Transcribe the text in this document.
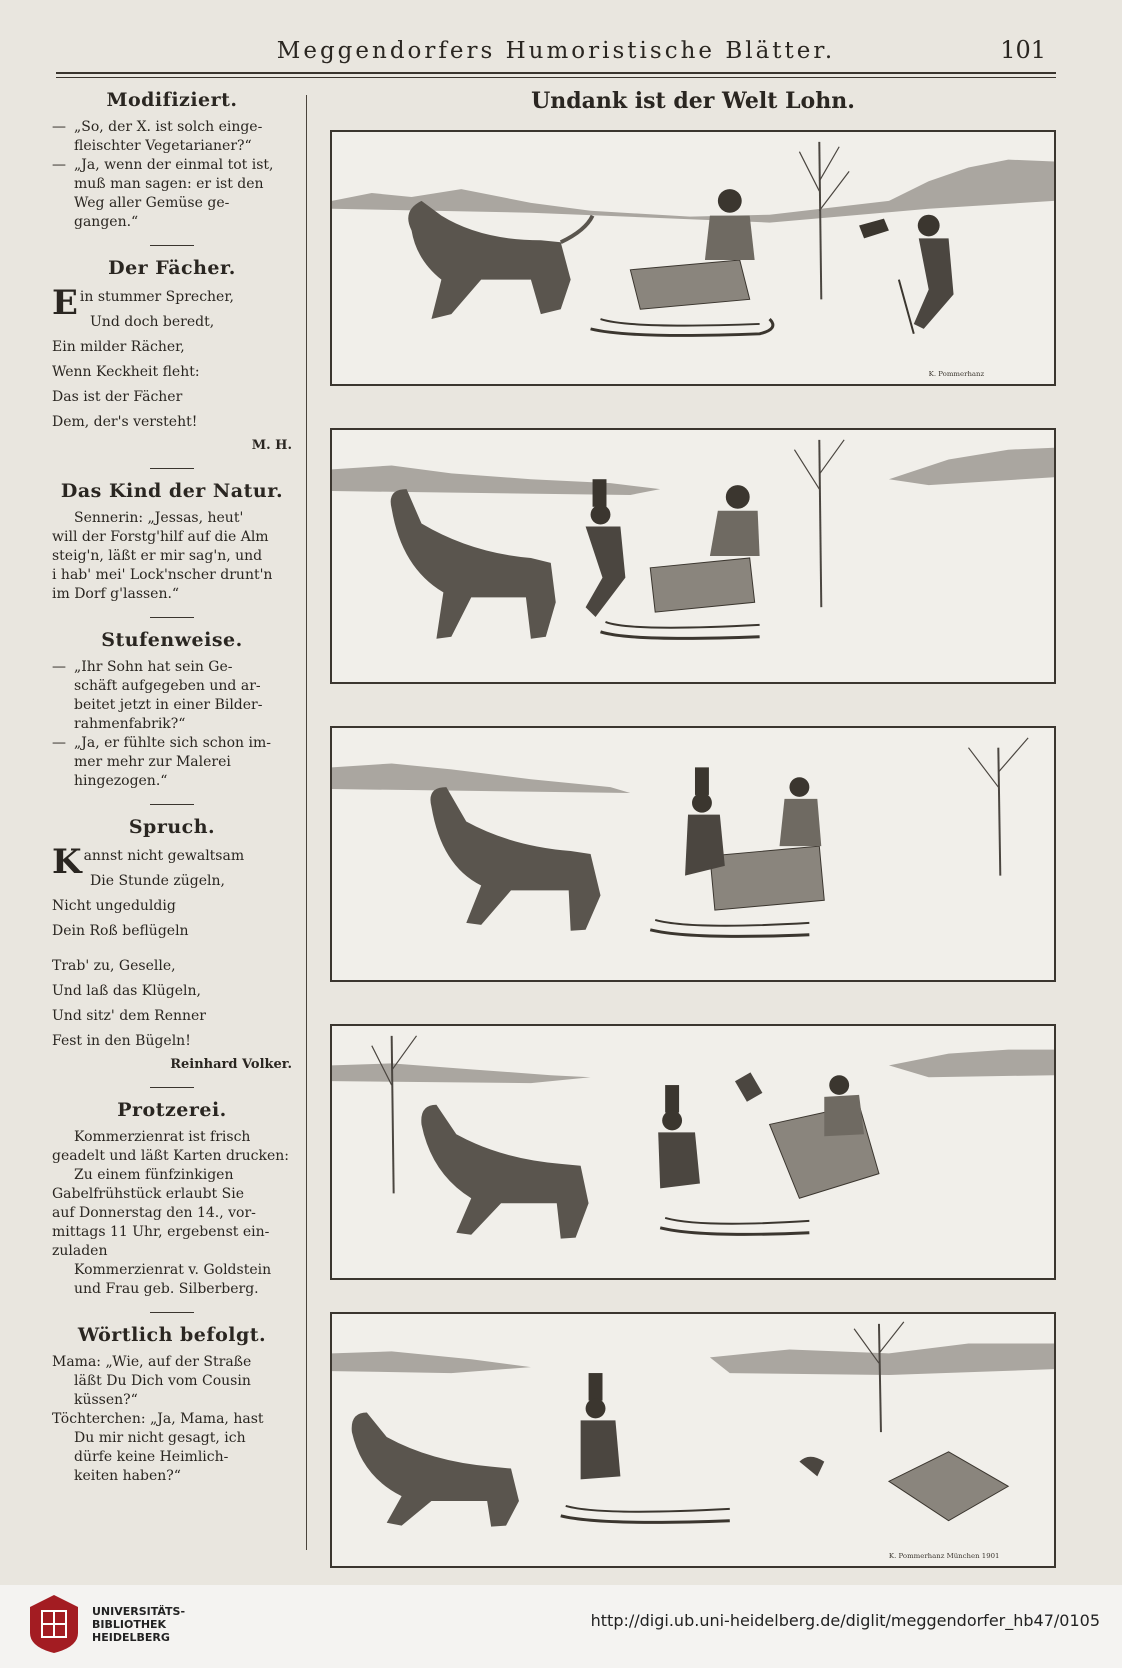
Meggendorfers Humoristische Blätter.	101
Modifiziert.
— „So, der X. ist solch einge-
fleischter Vegetarianer?“
— „Ja, wenn der einmal tot ist,
muß man sagen: er ist den
Weg aller Gemüse ge-
gangen.“
Der Fächer.
Ein stummer Sprecher,
Und doch beredt,
Ein milder Rächer,
Wenn Keckheit fleht:
Das ist der Fächer
Dem, der's versteht!
M. H.
Das Kind der Natur.
Sennerin: „Jessas, heut'
will der Forstg'hilf auf die Alm
steig'n, läßt er mir sag'n, und
i hab' mei' Lock'nscher drunt'n
im Dorf g'lassen.“
Stufenweise.
— „Ihr Sohn hat sein Ge-
schäft aufgegeben und ar-
beitet jetzt in einer Bilder-
rahmenfabrik?“
— „Ja, er fühlte sich schon im-
mer mehr zur Malerei
hingezogen.“
Spruch.
Kannst nicht gewaltsam
Die Stunde zügeln,
Nicht ungeduldig
Dein Roß beflügeln
Trab' zu, Geselle,
Und laß das Klügeln,
Und sitz' dem Renner
Fest in den Bügeln!
Reinhard Volker.
Protzerei.
Kommerzienrat ist frisch
geadelt und läßt Karten drucken:
Zu einem fünfzinkigen
Gabelfrühstück erlaubt Sie
auf Donnerstag den 14., vor-
mittags 11 Uhr, ergebenst ein-
zuladen
Kommerzienrat v. Goldstein
und Frau geb. Silberberg.
Wörtlich befolgt.
Mama: „Wie, auf der Straße
läßt Du Dich vom Cousin
küssen?“
Töchterchen: „Ja, Mama, hast
Du mir nicht gesagt, ich
dürfe keine Heimlich-
keiten haben?“
Undank ist der Welt Lohn.
K. Pommerhanz
K. Pommerhanz München 1901
UNIVERSITÄTS-
BIBLIOTHEK
HEIDELBERG
http://digi.ub.uni-heidelberg.de/diglit/meggendorfer_hb47/0105
